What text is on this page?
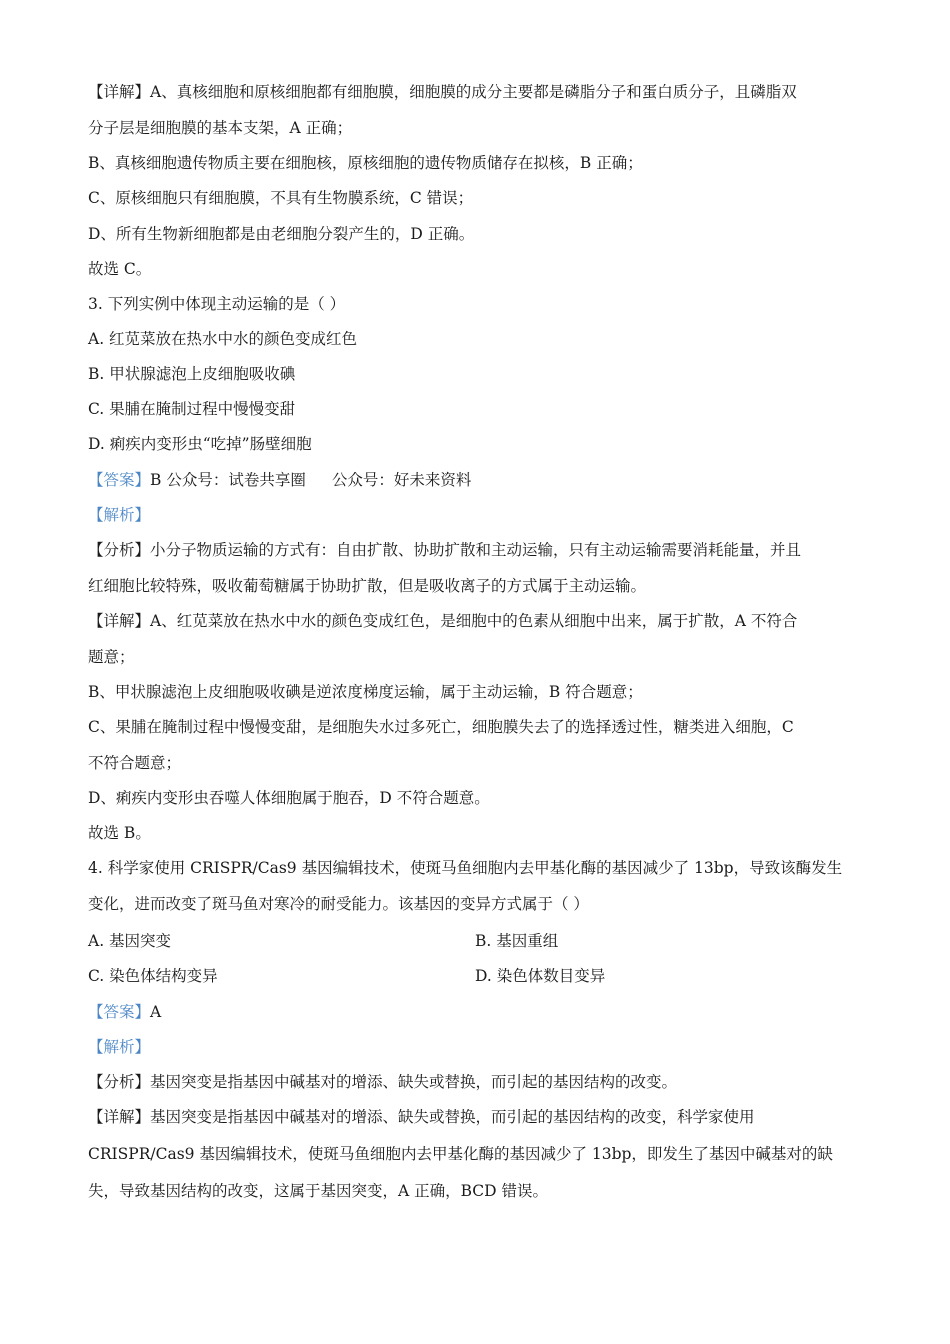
【详解】A、真核细胞和原核细胞都有细胞膜，细胞膜的成分主要都是磷脂分子和蛋白质分子，且磷脂双
分子层是细胞膜的基本支架，A 正确；
B、真核细胞遗传物质主要在细胞核，原核细胞的遗传物质储存在拟核，B 正确；
C、原核细胞只有细胞膜，不具有生物膜系统，C 错误；
D、所有生物新细胞都是由老细胞分裂产生的，D 正确。
故选 C。
3. 下列实例中体现主动运输的是（ ）
A. 红苋菜放在热水中水的颜色变成红色
B. 甲状腺滤泡上皮细胞吸收碘
C. 果脯在腌制过程中慢慢变甜
D. 痢疾内变形虫“吃掉”肠壁细胞
【答案】B 公众号：试卷共享圈 公众号：好未来资料
【解析】
【分析】小分子物质运输的方式有：自由扩散、协助扩散和主动运输，只有主动运输需要消耗能量，并且
红细胞比较特殊，吸收葡萄糖属于协助扩散，但是吸收离子的方式属于主动运输。
【详解】A、红苋菜放在热水中水的颜色变成红色，是细胞中的色素从细胞中出来，属于扩散，A 不符合
题意；
B、甲状腺滤泡上皮细胞吸收碘是逆浓度梯度运输，属于主动运输，B 符合题意；
C、果脯在腌制过程中慢慢变甜，是细胞失水过多死亡，细胞膜失去了的选择透过性，糖类进入细胞，C
不符合题意；
D、痢疾内变形虫吞噬人体细胞属于胞吞，D 不符合题意。
故选 B。
4. 科学家使用 CRISPR/Cas9 基因编辑技术，使斑马鱼细胞内去甲基化酶的基因减少了 13bp，导致该酶发生
变化，进而改变了斑马鱼对寒冷的耐受能力。该基因的变异方式属于（ ）
A. 基因突变	B. 基因重组
C. 染色体结构变异	D. 染色体数目变异
【答案】A
【解析】
【分析】基因突变是指基因中碱基对的增添、缺失或替换，而引起的基因结构的改变。
【详解】基因突变是指基因中碱基对的增添、缺失或替换，而引起的基因结构的改变，科学家使用
CRISPR/Cas9 基因编辑技术，使斑马鱼细胞内去甲基化酶的基因减少了 13bp，即发生了基因中碱基对的缺
失，导致基因结构的改变，这属于基因突变，A 正确，BCD 错误。
